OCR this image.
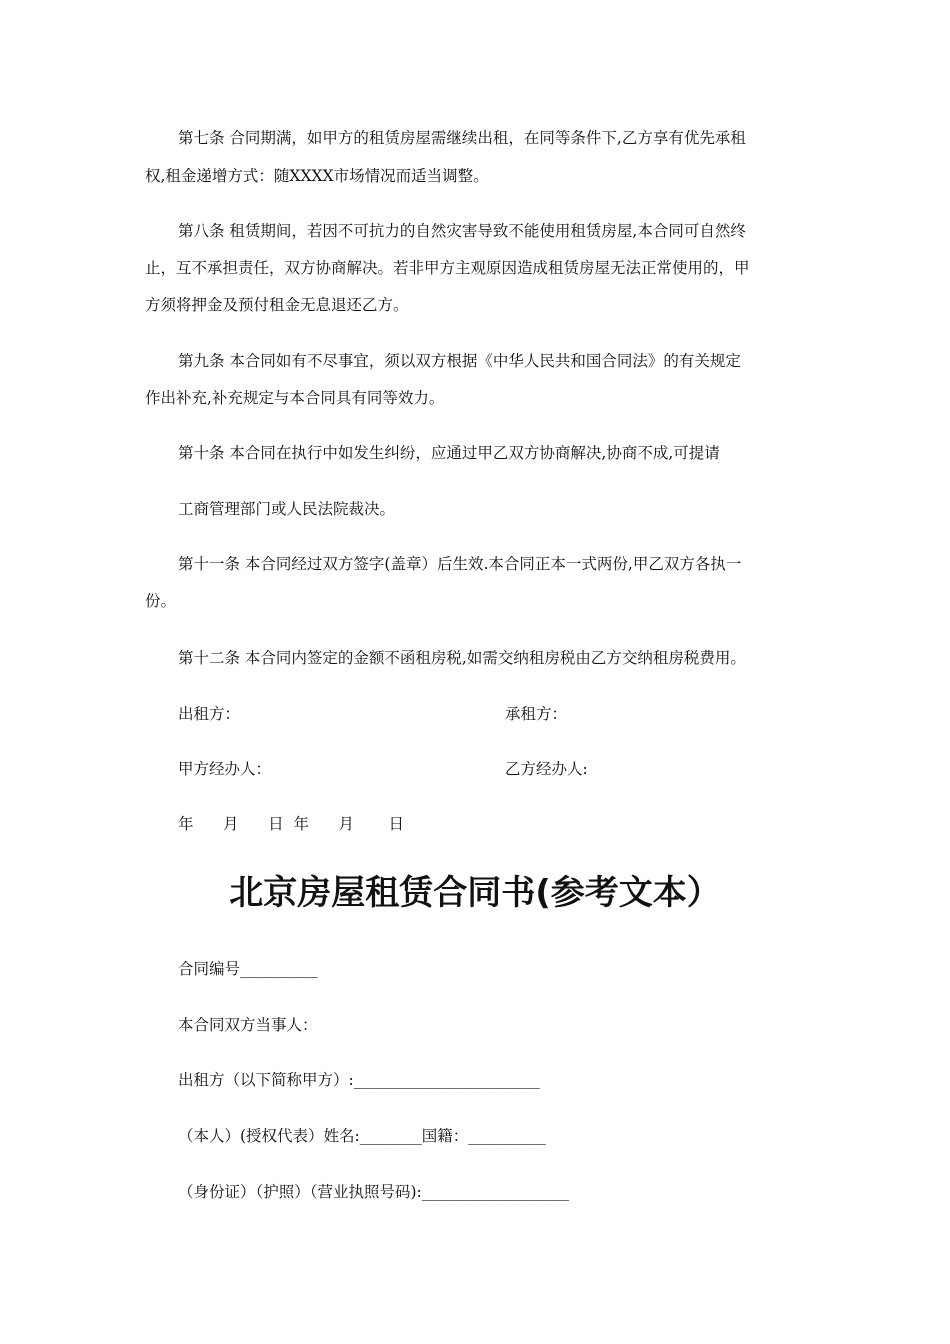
第七条 合同期满，如甲方的租赁房屋需继续出租，在同等条件下,乙方享有优先承租
权,租金递增方式：随XXXX市场情况而适当调整。
第八条 租赁期间，若因不可抗力的自然灾害导致不能使用租赁房屋,本合同可自然终
止，互不承担责任，双方协商解决。若非甲方主观原因造成租赁房屋无法正常使用的，甲
方须将押金及预付租金无息退还乙方。
第九条 本合同如有不尽事宜，须以双方根据《中华人民共和国合同法》的有关规定
作出补充,补充规定与本合同具有同等效力。
第十条 本合同在执行中如发生纠纷，应通过甲乙双方协商解决,协商不成,可提请
工商管理部门或人民法院裁决。
第十一条 本合同经过双方签字(盖章）后生效.本合同正本一式两份,甲乙双方各执一
份。
第十二条 本合同内签定的金额不函租房税,如需交纳租房税由乙方交纳租房税费用。
出租方：	承租方：
甲方经办人：	乙方经办人:
年      月      日  年      月       日
北京房屋租赁合同书(参考文本）
合同编号__________
本合同双方当事人：
出租方（以下简称甲方）:________________________
（本人）(授权代表）姓名:________国籍：__________
（身份证）（护照）（营业执照号码):___________________
